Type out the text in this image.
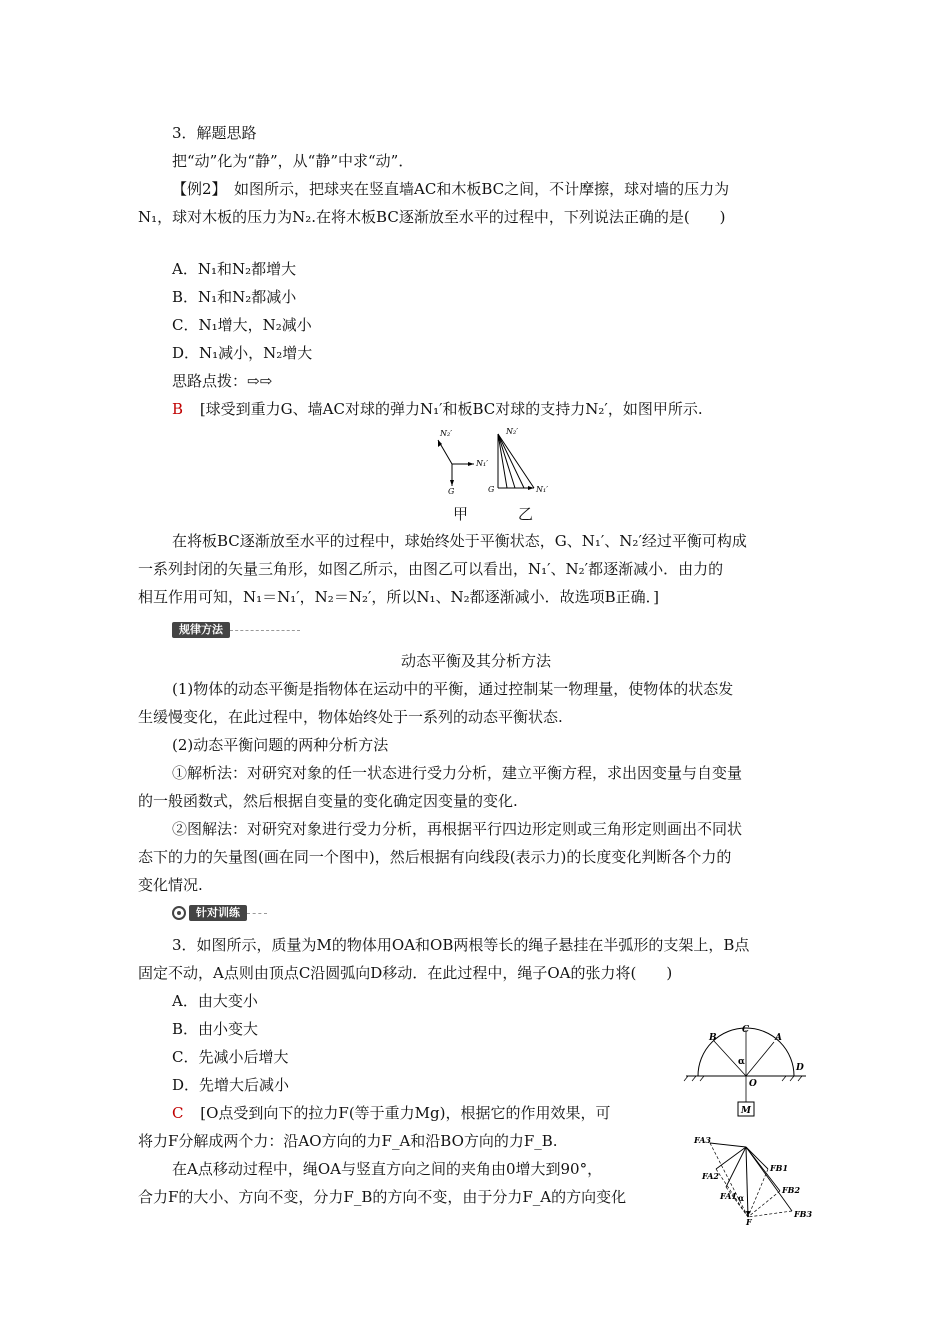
3．解题思路
把“动”化为“静”，从“静”中求“动”．
【例2】　如图所示，把球夹在竖直墙AC和木板BC之间，不计摩擦，球对墙的压力为
N₁，球对木板的压力为N₂.在将木板BC逐渐放至水平的过程中，下列说法正确的是(　　)
A．N₁和N₂都增大
B．N₁和N₂都减小
C．N₁增大，N₂减小
D．N₁减小，N₂增大
思路点拨：⇨⇨
B [球受到重力G、墙AC对球的弹力N₁′和板BC对球的支持力N₂′，如图甲所示.
N₂′
N₁′
G
N₂′
G	N₁′
甲	乙
在将板BC逐渐放至水平的过程中，球始终处于平衡状态，G、N₁′、N₂′经过平衡可构成
一系列封闭的矢量三角形，如图乙所示，由图乙可以看出，N₁′、N₂′都逐渐减小．由力的
相互作用可知，N₁＝N₁′，N₂＝N₂′，所以N₁、N₂都逐渐减小．故选项B正确．]
规律方法
动态平衡及其分析方法
(1)物体的动态平衡是指物体在运动中的平衡，通过控制某一物理量，使物体的状态发
生缓慢变化，在此过程中，物体始终处于一系列的动态平衡状态.
(2)动态平衡问题的两种分析方法
①解析法：对研究对象的任一状态进行受力分析，建立平衡方程，求出因变量与自变量
的一般函数式，然后根据自变量的变化确定因变量的变化.
②图解法：对研究对象进行受力分析，再根据平行四边形定则或三角形定则画出不同状
态下的力的矢量图(画在同一个图中)，然后根据有向线段(表示力)的长度变化判断各个力的
变化情况.
针对训练
3．如图所示，质量为M的物体用OA和OB两根等长的绳子悬挂在半弧形的支架上，B点
固定不动，A点则由顶点C沿圆弧向D移动．在此过程中，绳子OA的张力将(　　)
A．由大变小
B．由小变大
C．先减小后增大
D．先增大后减小
C [O点受到向下的拉力F(等于重力Mg)，根据它的作用效果，可
将力F分解成两个力：沿AO方向的力F_A和沿BO方向的力F_B.
在A点移动过程中，绳OA与竖直方向之间的夹角由0增大到90°，
合力F的大小、方向不变，分力F_B的方向不变，由于分力F_A的方向变化
B
C
A
D
O
M
α
FA3
FA2
FA1
FB1
FB2
FB3
F
α
